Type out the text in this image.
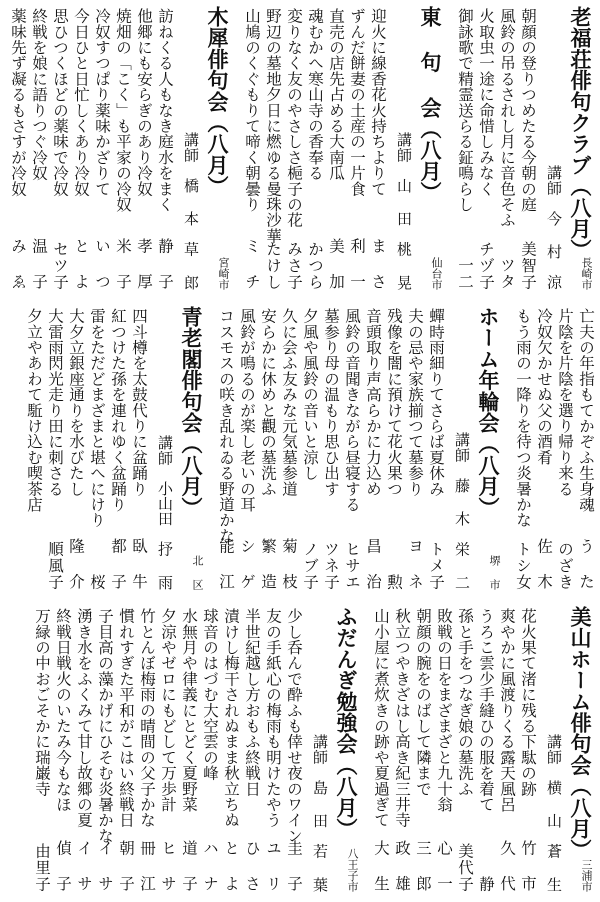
老福荘俳句クラブ（八月）
長崎市
講師　今 村　涼
朝顔の登りつめたる今朝の庭
美智子
風鈴の吊るされし月に音色そふ
ツタ
火取虫一途に命惜しみなく
チヅ子
御詠歌で精霊送らる鉦鳴らし
一二
東 句 会（八月）
仙台市
講師　山 田　桃 晃
迎火に線香花火持ちよりて
ま さ
ずんだ餅妻の土産の一片食
利 一
直売の店先占める大南瓜
美 加
魂むかへ寒山寺の香奉る
かつら
変りなく友のやさしさ梔子の花
みさ子
野辺の墓地夕日に燃ゆる曼珠沙華
たけし
山鳩のくぐもりて啼く朝曇り
ミ チ
木犀俳句会（八月）
宮崎市
講師　橋 本　草 郎
訪ねくる人もなき庭水をまく
静 子
他郷にも安らぎのあり冷奴
孝 厚
焼畑の「こく」も平家の冷奴
米 子
冷奴すつぱり薬味かざりて
い つ
今日ひと日忙しくあり冷奴
と よ
思ひつくほどの薬味で冷奴
セツ子
終戦を娘に語りつぐ冷奴
温 子
薬味先ず凝るもさすが冷奴
み ゑ
亡夫の年指もてかぞふ生身魂
う た
片陰を片陰を選り帰り来る
のざき
冷奴欠かせぬ父の酒肴
佐 木
もう雨の一降りを待つ炎暑かな
トシ女
ホーム年輪会（八月）
堺 市
講師　藤 木　栄 二
蟬時雨細りてさらば夏休み
トメ子
夫の忌や家族揃つて墓参り
ヨ ネ
残像を闇に預けて花火果つ
勲
音頭取り声高らかに力込め
昌 治
風鈴の音聞きながら昼寝する
ヒサエ
墓参り母の温もり思ひ出す
ツネ子
夕風や風鈴の音いと涼し
ノブ子
久に会ふ友みな元気墓参道
菊 枝
安らかに休めと觀の墓洗ふ
繁 造
風鈴が鳴るのが楽し老いの耳
シ ゲ
コスモスの咲き乱れゐる野道かな
能 江
青老閣俳句会（八月）
北 区
講師　小山田　抒 雨
四斗樽を太鼓代りに盆踊り
臥 牛
紅つけた孫を連れゆく盆踊り
都 子
雷をただどまざまと堪へにけり
桜
大夕立銀座通りを水びたし
隆 介
大雷雨閃光走り田に刺さる
順風子
夕立やあわて駈け込む喫茶店
美山ホーム俳句会（八月）
三浦市
講師　横 山　蒼 生
花火果て渚に残る下駄の跡
竹 市
爽やかに風渡りくる露天風呂
久 代
うろこ雲少手縫ひの服を着て
静
孫と手をつなぎ娘の墓洗ふ
美代子
敗戦の日をまざまざと九十翁
心 一
朝顔の腕をのばして隣まで
三 郎
秋立つやきざはし高き紀三井寺
政 雄
山小屋に煮炊きの跡や夏過ぎて
大 生
ふだんぎ勉強会（八月）
八王子市
講師　島 田　若 葉
少し呑んで酔ふも倖せ夜のワイン
圭 子
友の手紙心の梅雨も明けたやう
ユ リ
半世紀越し方おもふ終戦日
ひ さ
漬けし梅干されぬまま秋立ちぬ
と よ
球音のはづむ大空雲の峰
ハ ナ
水無月や律義にとどく夏野菜
道 子
夕涼やゼロにもどして万歩計
ヒ サ
竹とんぼ梅雨の晴間の父子かな
冊 江
慣れすぎた平和がこはい終戦日
朝 子
子目高の藻かげにひそむ炎暑かな
イ サ
湧き水をふくみて甘し故郷の夏
イ サ
終戦日戦火のいたみ今もなほ
偵 子
万緑の中おごそかに瑞巌寺
由里子
